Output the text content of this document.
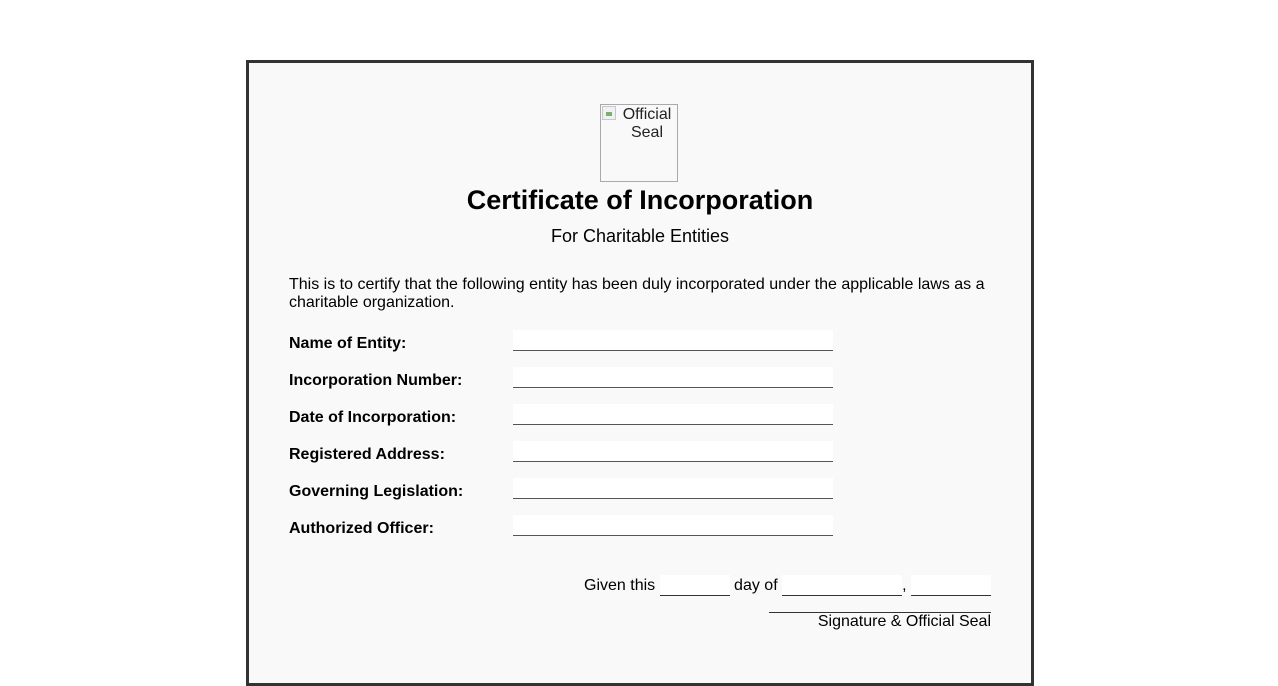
Official Seal
Certificate of Incorporation
For Charitable Entities
This is to certify that the following entity has been duly incorporated under the applicable laws as a charitable organization.
Name of Entity:
Incorporation Number:
Date of Incorporation:
Registered Address:
Governing Legislation:
Authorized Officer:
Given this	day of	,
Signature & Official Seal
